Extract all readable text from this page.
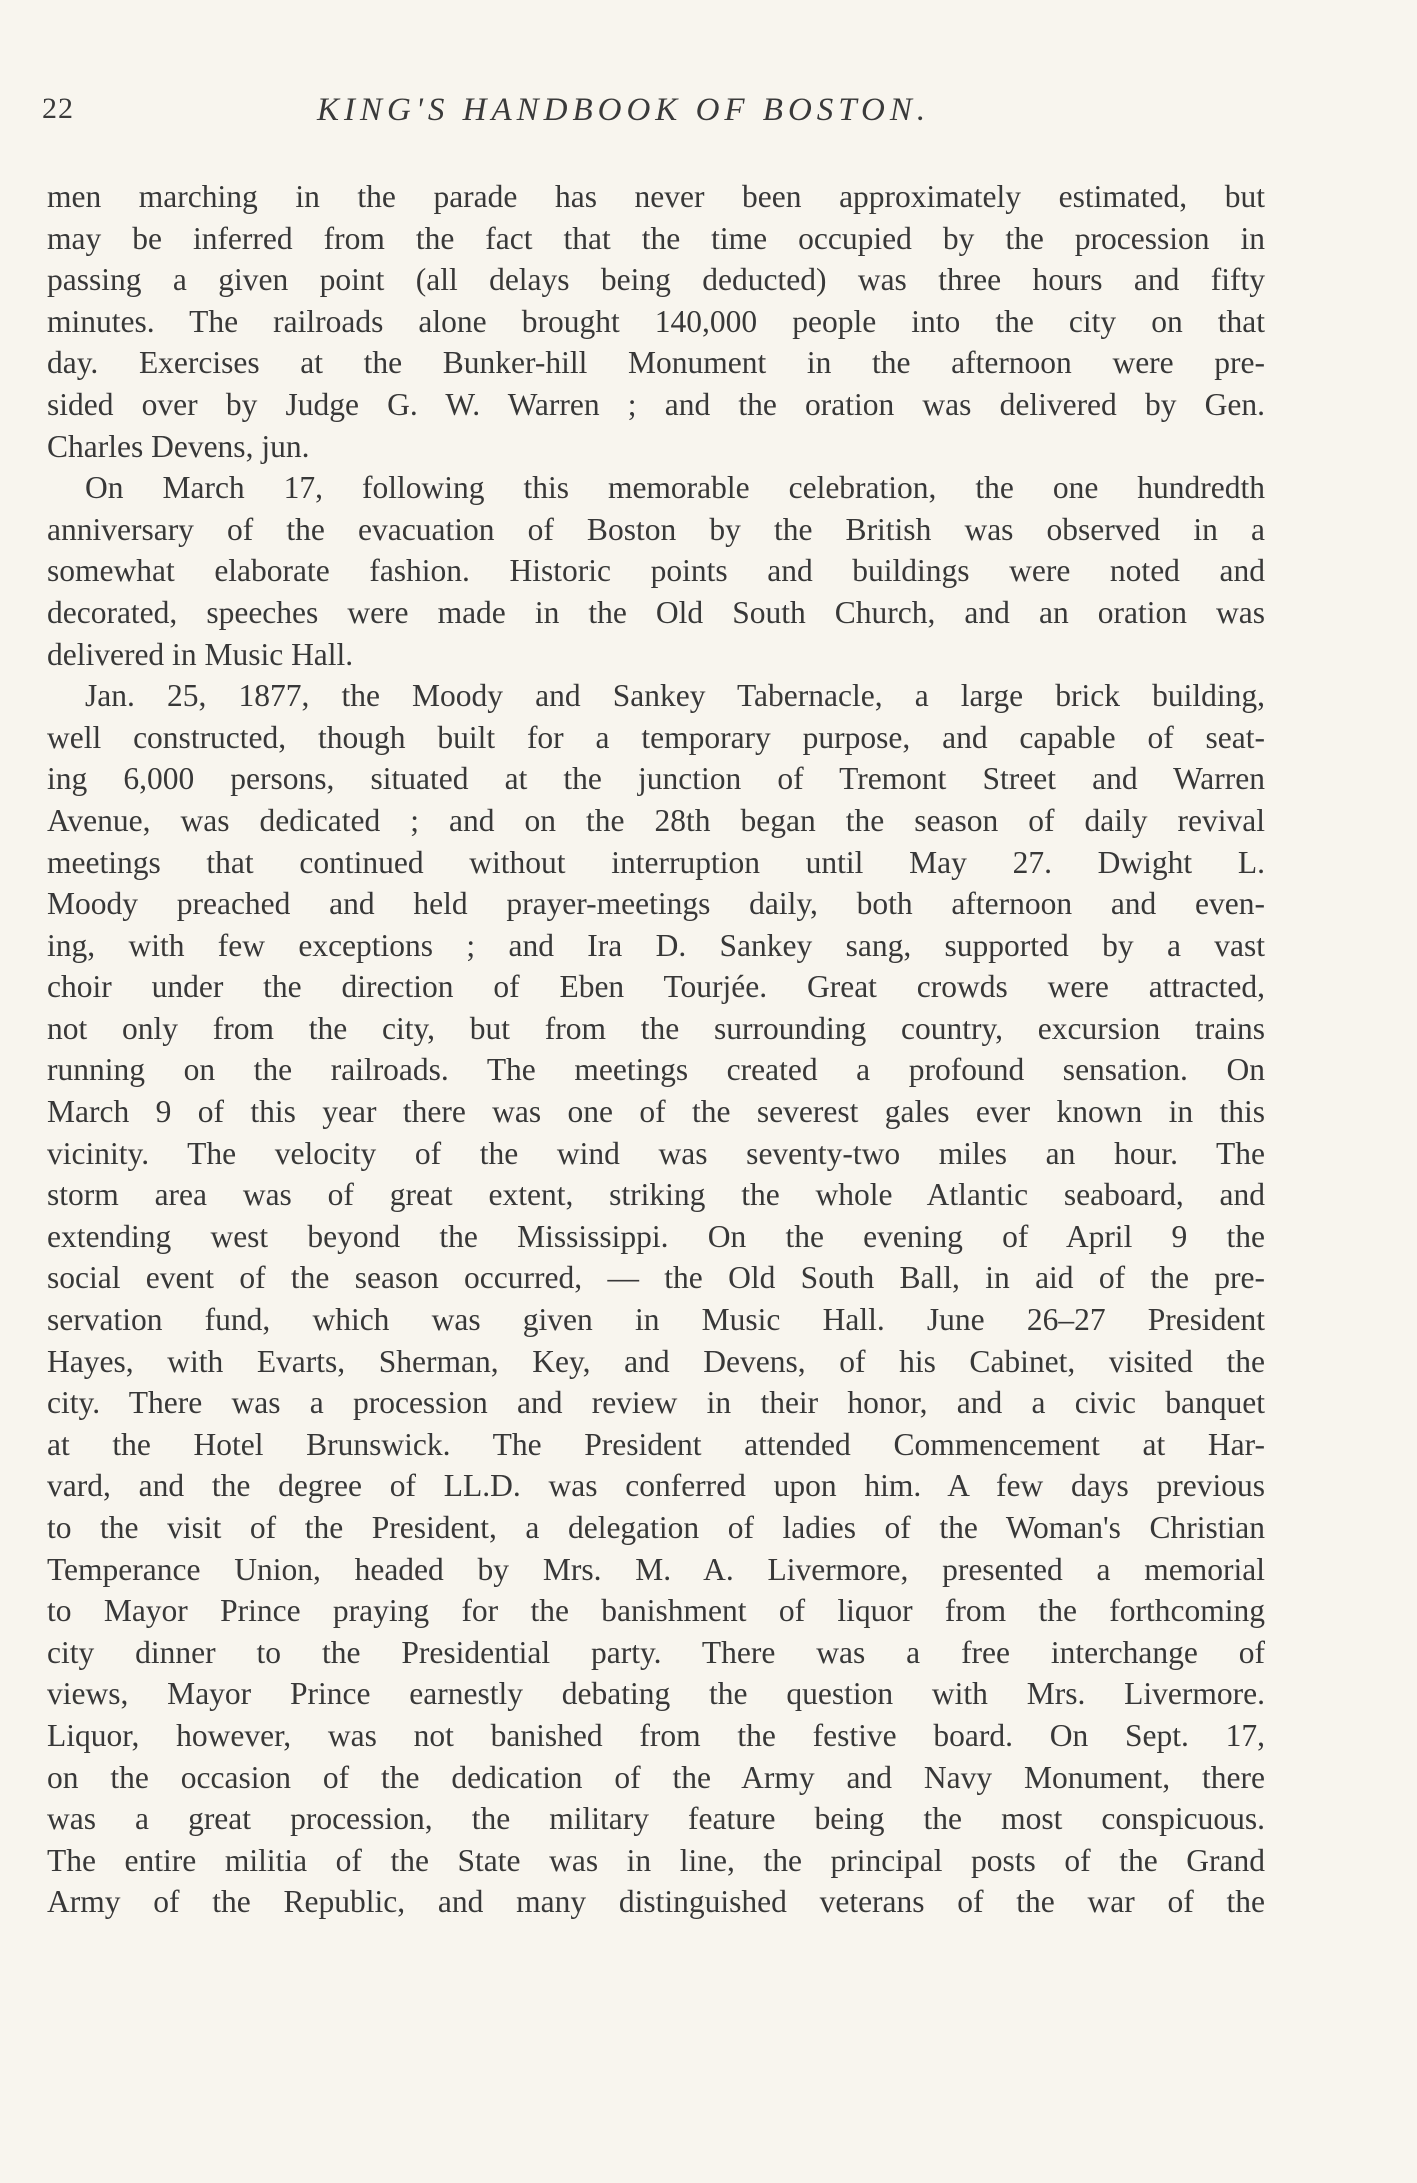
22	KING'S HANDBOOK OF BOSTON.

men marching in the parade has never been approximately estimated, but

may be inferred from the fact that the time occupied by the procession in

passing a given point (all delays being deducted) was three hours and fifty

minutes. The railroads alone brought 140,000 people into the city on that

day. Exercises at the Bunker-hill Monument in the afternoon were pre-

sided over by Judge G. W. Warren ; and the oration was delivered by Gen.

Charles Devens, jun.

On March 17, following this memorable celebration, the one hundredth

anniversary of the evacuation of Boston by the British was observed in a

somewhat elaborate fashion. Historic points and buildings were noted and

decorated, speeches were made in the Old South Church, and an oration was

delivered in Music Hall.

Jan. 25, 1877, the Moody and Sankey Tabernacle, a large brick building,

well constructed, though built for a temporary purpose, and capable of seat-

ing 6,000 persons, situated at the junction of Tremont Street and Warren

Avenue, was dedicated ; and on the 28th began the season of daily revival

meetings that continued without interruption until May 27. Dwight L.

Moody preached and held prayer-meetings daily, both afternoon and even-

ing, with few exceptions ; and Ira D. Sankey sang, supported by a vast

choir under the direction of Eben Tourjée. Great crowds were attracted,

not only from the city, but from the surrounding country, excursion trains

running on the railroads. The meetings created a profound sensation. On

March 9 of this year there was one of the severest gales ever known in this

vicinity. The velocity of the wind was seventy-two miles an hour. The

storm area was of great extent, striking the whole Atlantic seaboard, and

extending west beyond the Mississippi. On the evening of April 9 the

social event of the season occurred, — the Old South Ball, in aid of the pre-

servation fund, which was given in Music Hall. June 26–27 President

Hayes, with Evarts, Sherman, Key, and Devens, of his Cabinet, visited the

city. There was a procession and review in their honor, and a civic banquet

at the Hotel Brunswick. The President attended Commencement at Har-

vard, and the degree of LL.D. was conferred upon him. A few days previous

to the visit of the President, a delegation of ladies of the Woman's Christian

Temperance Union, headed by Mrs. M. A. Livermore, presented a memorial

to Mayor Prince praying for the banishment of liquor from the forthcoming

city dinner to the Presidential party. There was a free interchange of

views, Mayor Prince earnestly debating the question with Mrs. Livermore.

Liquor, however, was not banished from the festive board. On Sept. 17,

on the occasion of the dedication of the Army and Navy Monument, there

was a great procession, the military feature being the most conspicuous.

The entire militia of the State was in line, the principal posts of the Grand

Army of the Republic, and many distinguished veterans of the war of the
